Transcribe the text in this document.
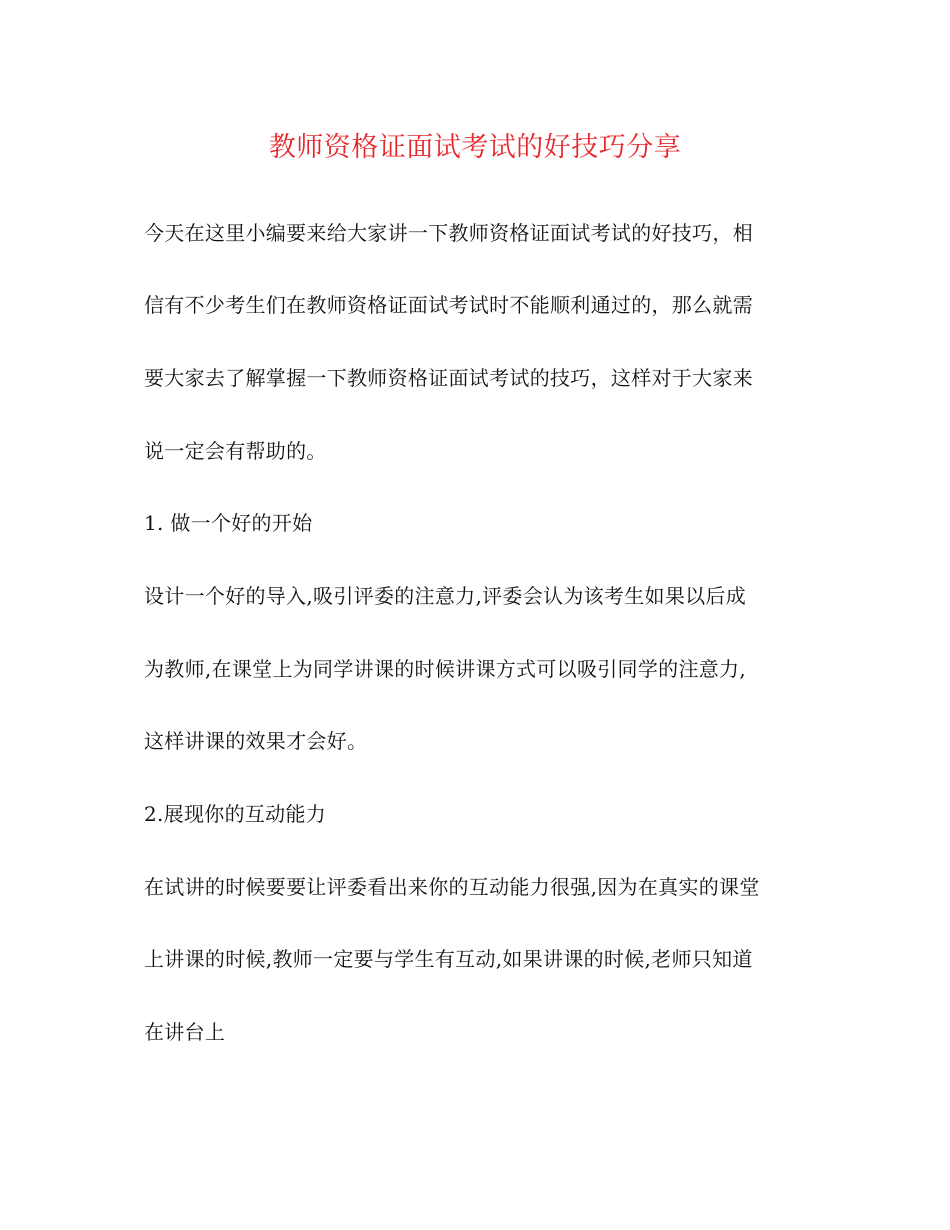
教师资格证面试考试的好技巧分享
今天在这里小编要来给大家讲一下教师资格证面试考试的好技巧，相
信有不少考生们在教师资格证面试考试时不能顺利通过的，那么就需
要大家去了解掌握一下教师资格证面试考试的技巧，这样对于大家来
说一定会有帮助的。
1. 做一个好的开始
设计一个好的导入,吸引评委的注意力,评委会认为该考生如果以后成
为教师,在课堂上为同学讲课的时候讲课方式可以吸引同学的注意力,
这样讲课的效果才会好。
2.展现你的互动能力
在试讲的时候要要让评委看出来你的互动能力很强,因为在真实的课堂
上讲课的时候,教师一定要与学生有互动,如果讲课的时候,老师只知道
在讲台上
